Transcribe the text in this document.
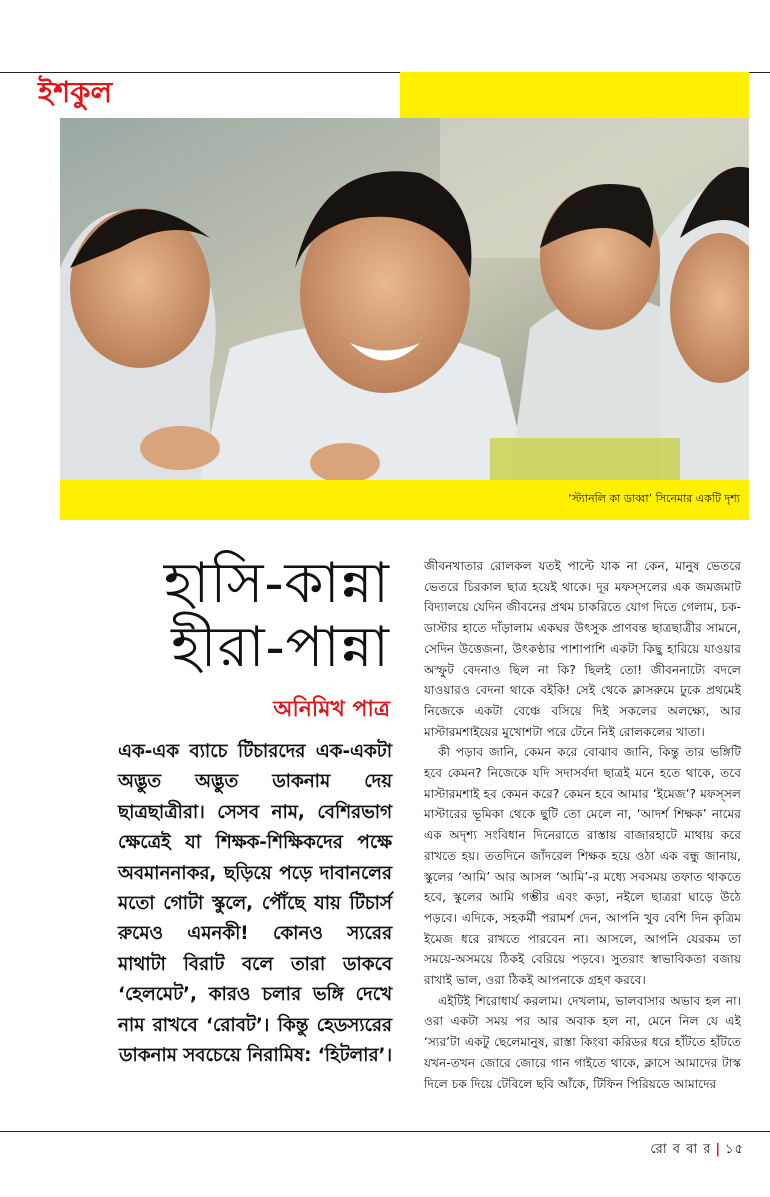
ইশকুল
‘স্ট্যানলি কা ডাব্বা’ সিনেমার একটি দৃশ্য
হাসি-কান্না
হীরা-পান্না
অনিমিখ পাত্র

এক-এক ব্যাচে টিচারদের এক-একটা অদ্ভুত অদ্ভুত ডাকনাম দেয় ছাত্রছাত্রীরা। সেসব নাম, বেশিরভাগ ক্ষেত্রেই যা শিক্ষক-শিক্ষিকদের পক্ষে অবমাননাকর, ছড়িয়ে পড়ে দাবানলের মতো গোটা স্কুলে, পৌঁছে যায় টিচার্স রুমেও এমনকী! কোনও স্যরের মাথাটা বিরাট বলে তারা ডাকবে ‘হেলমেট’, কারও চলার ভঙ্গি দেখে নাম রাখবে ‘রোবট’। কিন্তু হেডস্যরের ডাকনাম সবচেয়ে নিরামিষ: ‘হিটলার’।

জীবনখাতার রোলকল যতই পাল্টে যাক না কেন, মানুষ ভেতরে ভেতরে চিরকাল ছাত্র হয়েই থাকে। দূর মফস্‌সলের এক জমজমাট বিদ্যালয়ে যেদিন জীবনের প্রথম চাকরিতে যোগ দিতে গেলাম, চক-ডাস্টার হাতে দাঁড়ালাম একঘর উৎসুক প্রাণবন্ত ছাত্রছাত্রীর সামনে, সেদিন উত্তেজনা, উৎকণ্ঠার পাশাপাশি একটা কিছু হারিয়ে যাওয়ার অস্ফুট বেদনাও ছিল না কি? ছিলই তো! জীবননাট্যে বদলে যাওয়ারও বেদনা থাকে বইকি! সেই থেকে ক্লাসরুমে ঢুকে প্রথমেই নিজেকে একটা বেঞ্চে বসিয়ে দিই সকলের অলক্ষ্যে, আর মাস্টারমশাইয়ের মুখোশটা পরে টেনে নিই রোলকলের খাতা।

কী পড়াব জানি, কেমন করে বোঝাব জানি, কিন্তু তার ভঙ্গিটি হবে কেমন? নিজেকে যদি সদাসর্বদা ছাত্রই মনে হতে থাকে, তবে মাস্টারমশাই হব কেমন করে? কেমন হবে আমার ‘ইমেজ’? মফস্‌সল মাস্টারের ভূমিকা থেকে ছুটি তো মেলে না, ‘আদর্শ শিক্ষক’ নামের এক অদৃশ্য সংবিধান দিনেরাতে রাস্তায় বাজারহাটে মাথায় করে রাখতে হয়। ততদিনে জাঁদরেল শিক্ষক হয়ে ওঠা এক বন্ধু জানায়, স্কুলের ‘আমি’ আর আসল ‘আমি’-র মধ্যে সবসময় তফাত থাকতে হবে, স্কুলের আমি গম্ভীর এবং কড়া, নইলে ছাত্ররা ঘাড়ে উঠে পড়বে। এদিকে, সহকর্মী পরামর্শ দেন, আপনি খুব বেশি দিন কৃত্রিম ইমেজ ধরে রাখতে পারবেন না। আসলে, আপনি যেরকম তা সময়ে-অসময়ে ঠিকই বেরিয়ে পড়বে। সুতরাং স্বাভাবিকতা বজায় রাখাই ভাল, ওরা ঠিকই আপনাকে গ্রহণ করবে।

এইটিই শিরোধার্য করলাম। দেখলাম, ভালবাসার অভাব হল না। ওরা একটা সময় পর আর অবাক হল না, মেনে নিল যে এই ‘স্যর’টা একটু ছেলেমানুষ, রাস্তা কিংবা করিডর ধরে হাঁটতে হাঁটতে যখন-তখন জোরে জোরে গান গাইতে থাকে, ক্লাসে আমাদের টাস্ক দিলে চক দিয়ে টেবিলে ছবি আঁকে, টিফিন পিরিয়ডে আমাদের

রো ব বা র | ১৫
